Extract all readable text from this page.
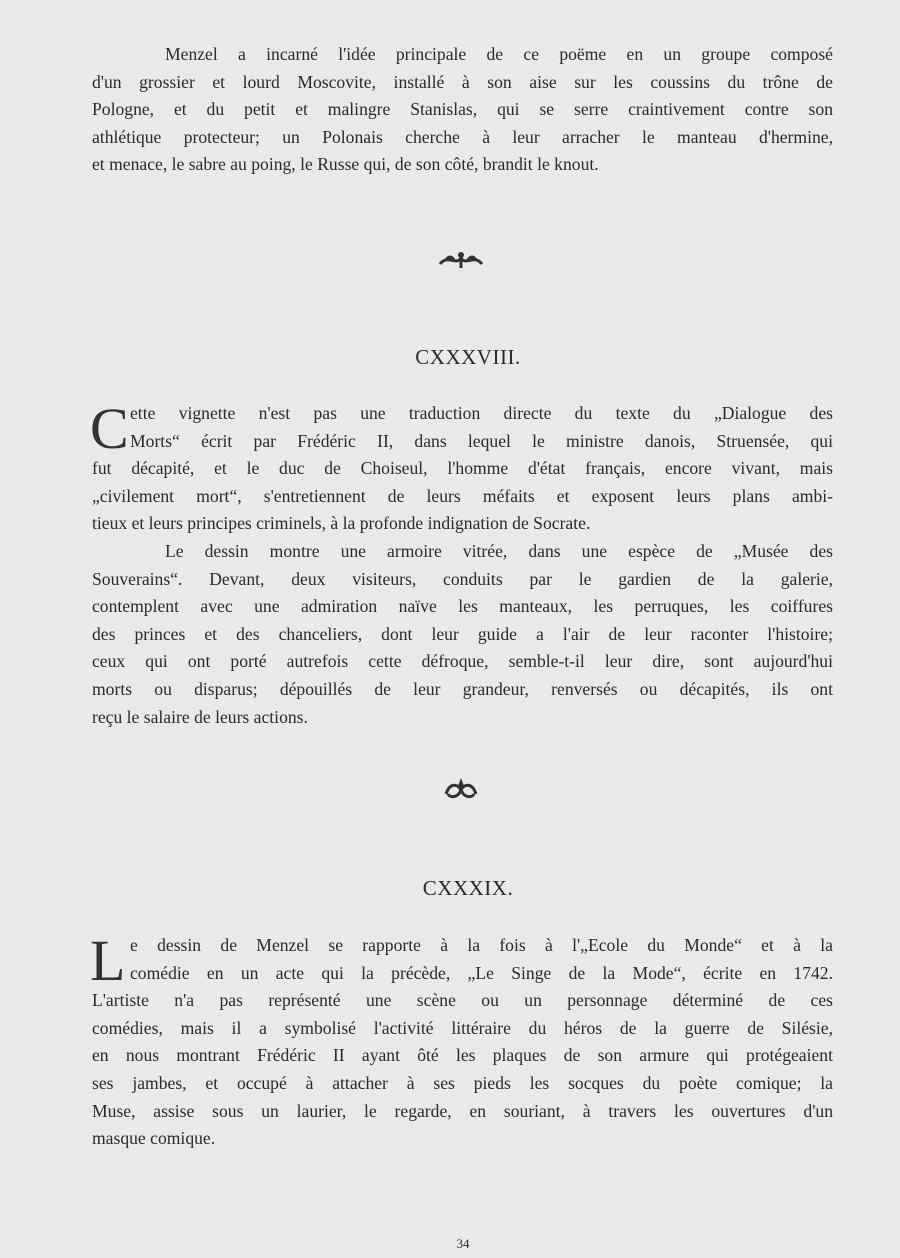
Menzel a incarné l'idée principale de ce poëme en un groupe composé
d'un grossier et lourd Moscovite, installé à son aise sur les coussins du trône de
Pologne, et du petit et malingre Stanislas, qui se serre craintivement contre son
athlétique protecteur; un Polonais cherche à leur arracher le manteau d'hermine,
et menace, le sabre au poing, le Russe qui, de son côté, brandit le knout.
CXXXVIII.
C ette vignette n'est pas une traduction directe du texte du „Dialogue des
Morts“ écrit par Frédéric II, dans lequel le ministre danois, Struensée, qui
fut décapité, et le duc de Choiseul, l'homme d'état français, encore vivant, mais
„civilement mort“, s'entretiennent de leurs méfaits et exposent leurs plans ambi-
tieux et leurs principes criminels, à la profonde indignation de Socrate.
Le dessin montre une armoire vitrée, dans une espèce de „Musée des
Souverains“. Devant, deux visiteurs, conduits par le gardien de la galerie,
contemplent avec une admiration naïve les manteaux, les perruques, les coiffures
des princes et des chanceliers, dont leur guide a l'air de leur raconter l'histoire;
ceux qui ont porté autrefois cette défroque, semble-t-il leur dire, sont aujourd'hui
morts ou disparus; dépouillés de leur grandeur, renversés ou décapités, ils ont
reçu le salaire de leurs actions.
CXXXIX.
L e dessin de Menzel se rapporte à la fois à l'„Ecole du Monde“ et à la
comédie en un acte qui la précède, „Le Singe de la Mode“, écrite en 1742.
L'artiste n'a pas représenté une scène ou un personnage déterminé de ces
comédies, mais il a symbolisé l'activité littéraire du héros de la guerre de Silésie,
en nous montrant Frédéric II ayant ôté les plaques de son armure qui protégeaient
ses jambes, et occupé à attacher à ses pieds les socques du poète comique; la
Muse, assise sous un laurier, le regarde, en souriant, à travers les ouvertures d'un
masque comique.
34
